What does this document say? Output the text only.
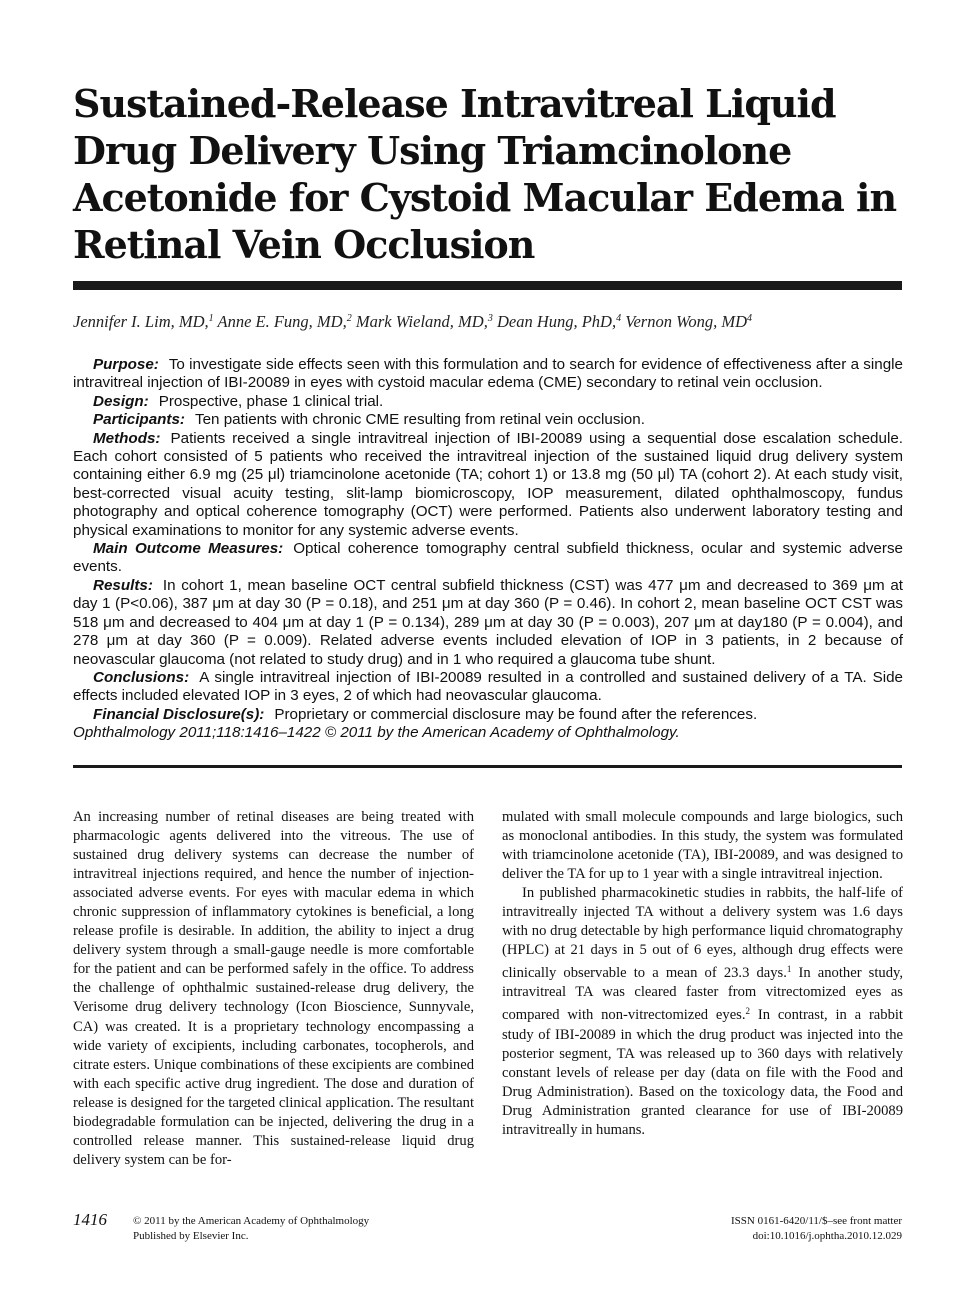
Sustained-Release Intravitreal Liquid Drug Delivery Using Triamcinolone Acetonide for Cystoid Macular Edema in Retinal Vein Occlusion
Jennifer I. Lim, MD,$^1$ Anne E. Fung, MD,$^2$ Mark Wieland, MD,$^3$ Dean Hung, PhD,$^4$ Vernon Wong, $MD^4$

Purpose: To investigate side effects seen with this formulation and to search for evidence of effectiveness after a single intravitreal injection of IBI-20089 in eyes with cystoid macular edema (CME) secondary to retinal vein occlusion.

Design: Prospective, phase 1 clinical trial.

Participants: Ten patients with chronic CME resulting from retinal vein occlusion.

Methods: Patients received a single intravitreal injection of IBI-20089 using a sequential dose escalation schedule. Each cohort consisted of 5 patients who received the intravitreal injection of the sustained liquid drug delivery system containing either 6.9 mg (25 μl) triamcinolone acetonide (TA; cohort 1) or 13.8 mg (50 μl) TA (cohort 2). At each study visit, best-corrected visual acuity testing, slit-lamp biomicroscopy, IOP measurement, dilated ophthalmoscopy, fundus photography and optical coherence tomography (OCT) were performed. Patients also underwent laboratory testing and physical examinations to monitor for any systemic adverse events.

Main Outcome Measures: Optical coherence tomography central subfield thickness, ocular and systemic adverse events.

Results: In cohort 1, mean baseline OCT central subfield thickness (CST) was 477 μm and decreased to 369 μm at day 1 (P<0.06), 387 μm at day 30 (P = 0.18), and 251 μm at day 360 (P = 0.46). In cohort 2, mean baseline OCT CST was 518 μm and decreased to 404 μm at day 1 (P = 0.134), 289 μm at day 30 (P = 0.003), 207 μm at day180 (P = 0.004), and 278 μm at day 360 (P = 0.009). Related adverse events included elevation of IOP in 3 patients, in 2 because of neovascular glaucoma (not related to study drug) and in 1 who required a glaucoma tube shunt.

Conclusions: A single intravitreal injection of IBI-20089 resulted in a controlled and sustained delivery of a TA. Side effects included elevated IOP in 3 eyes, 2 of which had neovascular glaucoma.

Financial Disclosure(s): Proprietary or commercial disclosure may be found after the references.

Ophthalmology 2011;118:1416–1422 © 2011 by the American Academy of Ophthalmology.

An increasing number of retinal diseases are being treated with pharmacologic agents delivered into the vitreous. The use of sustained drug delivery systems can decrease the number of intravitreal injections required, and hence the number of injection-associated adverse events. For eyes with macular edema in which chronic suppression of inflammatory cytokines is beneficial, a long release profile is desirable. In addition, the ability to inject a drug delivery system through a small-gauge needle is more comfortable for the patient and can be performed safely in the office. To address the challenge of ophthalmic sustained-release drug delivery, the Verisome drug delivery technology (Icon Bioscience, Sunnyvale, CA) was created. It is a proprietary technology encompassing a wide variety of excipients, including carbonates, tocopherols, and citrate esters. Unique combinations of these excipients are combined with each specific active drug ingredient. The dose and duration of release is designed for the targeted clinical application. The resultant biodegradable formulation can be injected, delivering the drug in a controlled release manner. This sustained-release liquid drug delivery system can be for-

mulated with small molecule compounds and large biologics, such as monoclonal antibodies. In this study, the system was formulated with triamcinolone acetonide (TA), IBI-20089, and was designed to deliver the TA for up to 1 year with a single intravitreal injection.

In published pharmacokinetic studies in rabbits, the half-life of intravitreally injected TA without a delivery system was 1.6 days with no drug detectable by high performance liquid chromatography (HPLC) at 21 days in 5 out of 6 eyes, although drug effects were clinically observable to a mean of 23.3 days.$^1$ In another study, intravitreal TA was cleared faster from vitrectomized eyes as compared with non-vitrectomized eyes.$^2$ In contrast, in a rabbit study of IBI-20089 in which the drug product was injected into the posterior segment, TA was released up to 360 days with relatively constant levels of release per day (data on file with the Food and Drug Administration). Based on the toxicology data, the Food and Drug Administration granted clearance for use of IBI-20089 intravitreally in humans.

1416 © 2011 by the American Academy of Ophthalmology
Published by Elsevier Inc.
ISSN 0161-6420/11/$–see front matter
doi:10.1016/j.ophtha.2010.12.029
